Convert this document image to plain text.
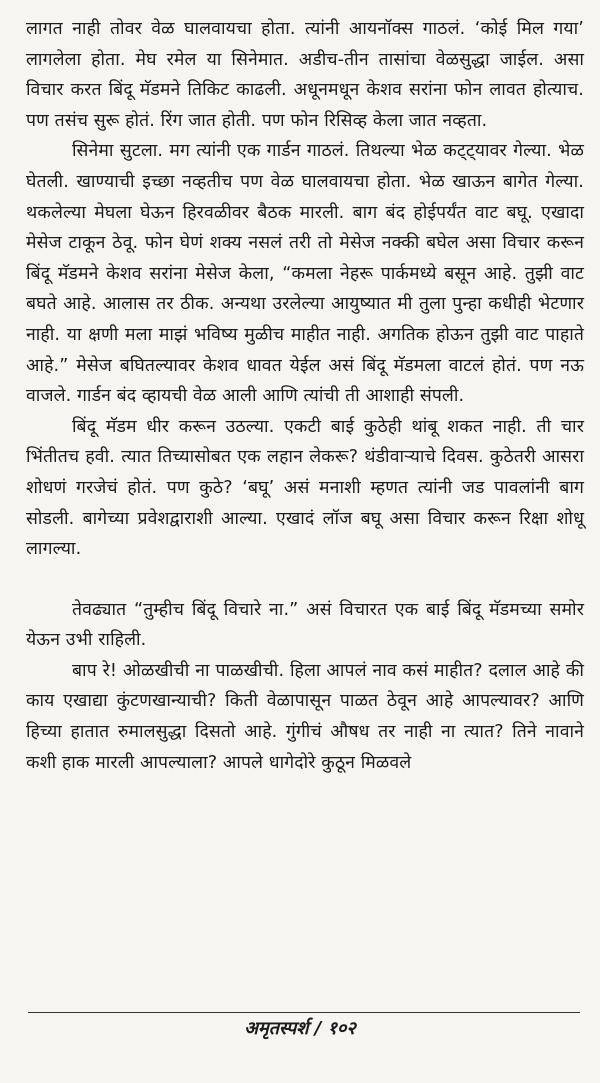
लागत नाही तोवर वेळ घालवायचा होता. त्यांनी आयनॉक्स गाठलं. ‘कोई मिल गया’ लागलेला होता. मेघ रमेल या सिनेमात. अडीच-तीन तासांचा वेळसुद्धा जाईल. असा विचार करत बिंदू मॅडमने तिकिट काढली. अधूनमधून केशव सरांना फोन लावत होत्याच. पण तसंच सुरू होतं. रिंग जात होती. पण फोन रिसिव्ह केला जात नव्हता.

सिनेमा सुटला. मग त्यांनी एक गार्डन गाठलं. तिथल्या भेळ कट्ट्यावर गेल्या. भेळ घेतली. खाण्याची इच्छा नव्हतीच पण वेळ घालवायचा होता. भेळ खाऊन बागेत गेल्या. थकलेल्या मेघला घेऊन हिरवळीवर बैठक मारली. बाग बंद होईपर्यंत वाट बघू. एखादा मेसेज टाकून ठेवू. फोन घेणं शक्य नसलं तरी तो मेसेज नक्की बघेल असा विचार करून बिंदू मॅडमने केशव सरांना मेसेज केला, “कमला नेहरू पार्कमध्ये बसून आहे. तुझी वाट बघते आहे. आलास तर ठीक. अन्यथा उरलेल्या आयुष्यात मी तुला पुन्हा कधीही भेटणार नाही. या क्षणी मला माझं भविष्य मुळीच माहीत नाही. अगतिक होऊन तुझी वाट पाहाते आहे.” मेसेज बघितल्यावर केशव धावत येईल असं बिंदू मॅडमला वाटलं होतं. पण नऊ वाजले. गार्डन बंद व्हायची वेळ आली आणि त्यांची ती आशाही संपली.

बिंदू मॅडम धीर करून उठल्या. एकटी बाई कुठेही थांबू शकत नाही. ती चार भिंतीतच हवी. त्यात तिच्यासोबत एक लहान लेकरू? थंडीवाऱ्याचे दिवस. कुठेतरी आसरा शोधणं गरजेचं होतं. पण कुठे? ‘बघू’ असं मनाशी म्हणत त्यांनी जड पावलांनी बाग सोडली. बागेच्या प्रवेशद्वाराशी आल्या. एखादं लॉज बघू असा विचार करून रिक्षा शोधू लागल्या.

तेवढ्यात “तुम्हीच बिंदू विचारे ना.” असं विचारत एक बाई बिंदू मॅडमच्या समोर येऊन उभी राहिली.

बाप रे! ओळखीची ना पाळखीची. हिला आपलं नाव कसं माहीत? दलाल आहे की काय एखाद्या कुंटणखान्याची? किती वेळापासून पाळत ठेवून आहे आपल्यावर? आणि हिच्या हातात रुमालसुद्धा दिसतो आहे. गुंगीचं औषध तर नाही ना त्यात? तिने नावाने कशी हाक मारली आपल्याला? आपले धागेदोरे कुठून मिळवले

अमृतस्पर्श / १०२
